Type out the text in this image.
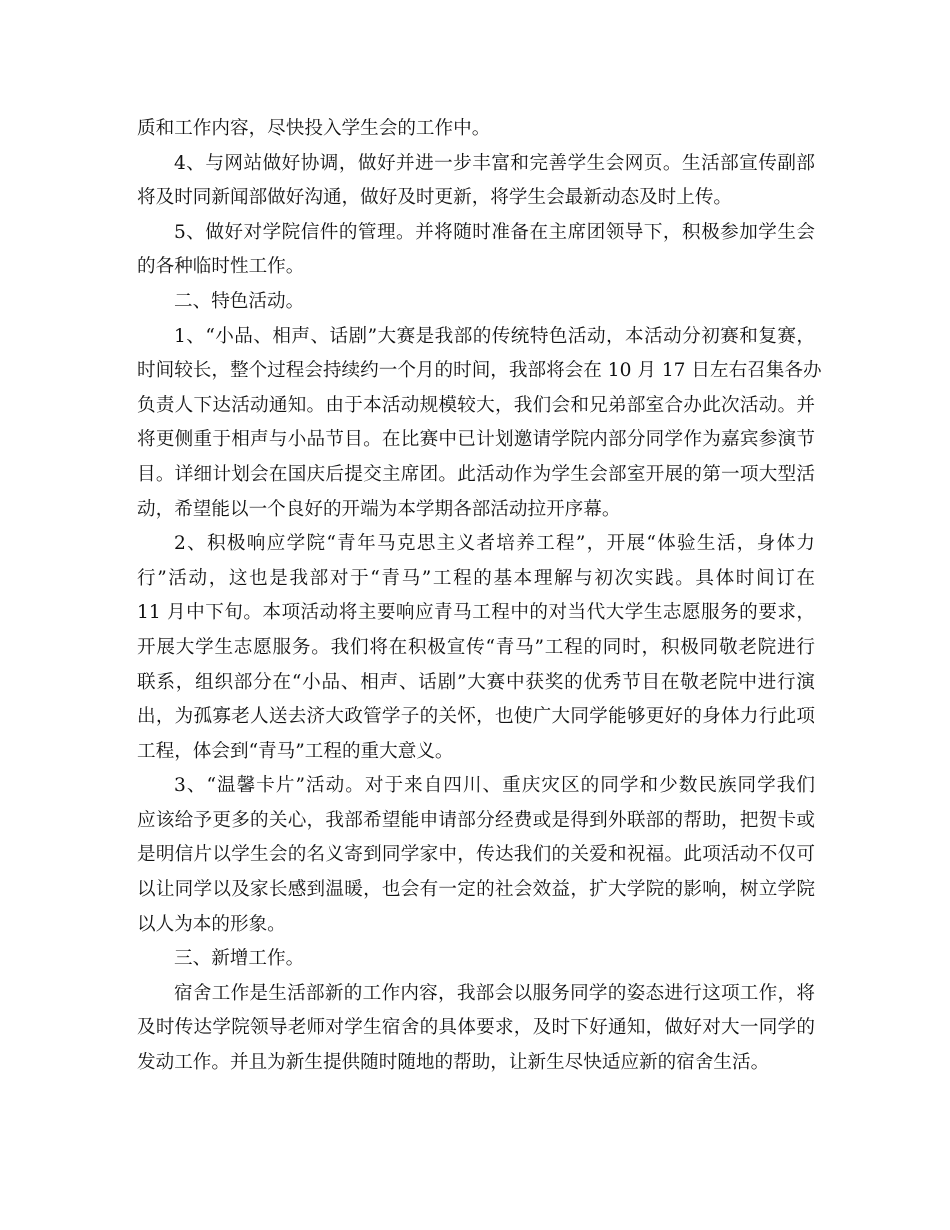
质和工作内容，尽快投入学生会的工作中。
4、与网站做好协调，做好并进一步丰富和完善学生会网页。生活部宣传副部
将及时同新闻部做好沟通，做好及时更新，将学生会最新动态及时上传。
5、做好对学院信件的管理。并将随时准备在主席团领导下，积极参加学生会
的各种临时性工作。
二、特色活动。
1、“小品、相声、话剧”大赛是我部的传统特色活动，本活动分初赛和复赛，
时间较长，整个过程会持续约一个月的时间，我部将会在 10 月 17 日左右召集各办
负责人下达活动通知。由于本活动规模较大，我们会和兄弟部室合办此次活动。并
将更侧重于相声与小品节目。在比赛中已计划邀请学院内部分同学作为嘉宾参演节
目。详细计划会在国庆后提交主席团。此活动作为学生会部室开展的第一项大型活
动，希望能以一个良好的开端为本学期各部活动拉开序幕。
2、积极响应学院“青年马克思主义者培养工程”，开展“体验生活，身体力
行”活动，这也是我部对于“青马”工程的基本理解与初次实践。具体时间订在
11 月中下旬。本项活动将主要响应青马工程中的对当代大学生志愿服务的要求，
开展大学生志愿服务。我们将在积极宣传“青马”工程的同时，积极同敬老院进行
联系，组织部分在“小品、相声、话剧”大赛中获奖的优秀节目在敬老院中进行演
出，为孤寡老人送去济大政管学子的关怀，也使广大同学能够更好的身体力行此项
工程，体会到“青马”工程的重大意义。
3、“温馨卡片”活动。对于来自四川、重庆灾区的同学和少数民族同学我们
应该给予更多的关心，我部希望能申请部分经费或是得到外联部的帮助，把贺卡或
是明信片以学生会的名义寄到同学家中，传达我们的关爱和祝福。此项活动不仅可
以让同学以及家长感到温暖，也会有一定的社会效益，扩大学院的影响，树立学院
以人为本的形象。
三、新增工作。
宿舍工作是生活部新的工作内容，我部会以服务同学的姿态进行这项工作，将
及时传达学院领导老师对学生宿舍的具体要求，及时下好通知，做好对大一同学的
发动工作。并且为新生提供随时随地的帮助，让新生尽快适应新的宿舍生活。
